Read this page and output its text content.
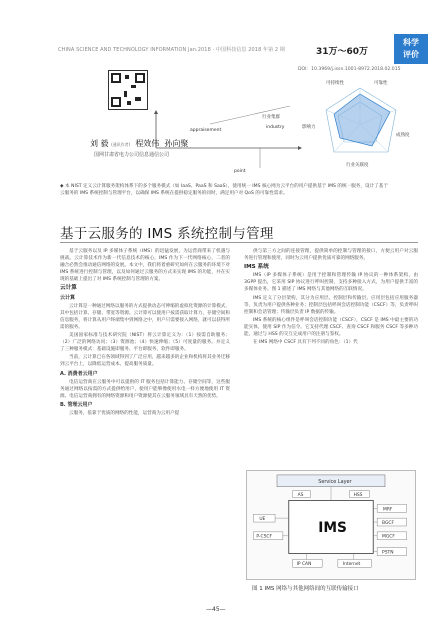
CHINA SCIENCE AND TECHNOLOGY INFORMATION Jan.2018 · 中国科技信息 2018 年第 2 期	31万～60万
科学
评价
DOI：10.3969/j.issn.1001-8972.2018.02.015
appraisement
industry
point
行业集群
可持续性	可靠性
影响力
成熟度
行业关联度
刘 毅 (通讯作者) 程效伟 孙向聚
国网甘肃省电力公司信息通信公司
◆ 本 NIST 定义云计算服务架构体系下的多个服务模式（如 IaaS、PaaS 和 SaaS），使用统一 IMS 核心网为云平台的用户提供基于 IMS 的统一服务，设计了基于云服务的 IMS 系统控制与管理平台，以确保 IMS 系统在提供稳定服务的同时，满足用户对 QoS 的可靠性需求。
基于云服务的 IMS 系统控制与管理

基于云服务以及 IP 多媒体子系统（IMS）的迅猛发展，为运营商带来了机遇与挑战。云计算技术作为新一代信息技术的核心，IMS 作为下一代网络核心，二者的融合必然会推动通信网络的发展。本文中，我们将着重研究如何在云服务的环境下对 IMS 系统进行控制与管理，以及如何通过云服务的方式来实现 IMS 的功能，并在实现的基础上提出了对 IMS 系统控制与管理的方案。

云计算
云计算

云计算是一种通过网络以服务的方式提供动态可伸缩的虚拟化资源的计算模式，其中包括计算、存储、带宽等资源。云计算可以使用户按需获取计算力、存储空间和信息服务，将计算从用户终端集中到网络之中，用户只需要接入网络，就可以获得所需的服务。

美国国家标准与技术研究院（NIST）将云计算定义为：（1）按需自助服务；（2）广泛的网络访问；（3）资源池；（4）快速伸缩；（5）可度量的服务。并定义了三种服务模式：基础设施即服务、平台即服务、软件即服务。

当前，云计算已在各领域得到了广泛应用，越来越多的企业和机构将其业务迁移到云平台上，以降低运营成本、提高服务质量。

A. 消费者云用户

电信运营商在云服务中可以提供的 IT 服务包括计算能力、存储空间等，这些服务通过网络以按需的方式提供给用户，使用户能够像使用水电一样方便地使用 IT 资源。电信运营商拥有的网络资源和用户资源使其在云服务领域具有天然的优势。

B. 管理云用户

云服务，依靠于优质的网络的性能，运营商为云用户提

供与第三方之间的连接管理，提供简单的控制与管理的接口，方便云用户对云服务进行管理和使用，同时为云用户提供优质可靠的网络服务。

IMS 系统

IMS（IP 多媒体子系统）是用于控制和管理传输 IP 协议的一种体系架构，由 3GPP 提出，它采用 SIP 协议进行呼叫控制，支持多种接入方式，为用户提供丰富的多媒体业务。图 1 描述了 IMS 网络与其他网络的互联情况。

IMS 定义了分层架构，其分为应用层、控制层和传输层。应用层包括应用服务器等，负责为用户提供各种业务；控制层包括呼叫会话控制功能（CSCF）等，负责呼叫控制和会话管理；传输层负责 IP 数据的传输。

IMS 系统的核心组件是呼叫会话控制功能（CSCF），CSCF 是 IMS 中最主要的功能实体，使用 SIP 作为信令。它支持代理 CSCF、查询 CSCF 和服务 CSCF 等多种功能，通过与 HSS 的交互完成用户的注册与鉴权。

在 IMS 网络中 CSCF 具有下列不同的角色：（1）代

Service Layer
IMS
AS	HSS
MRF
BGCF
MGCF
PSTN
UE
P-CSCF
IP CAN	Internet
图 1 IMS 网络与其他网络间的互联传输接口
—45—
